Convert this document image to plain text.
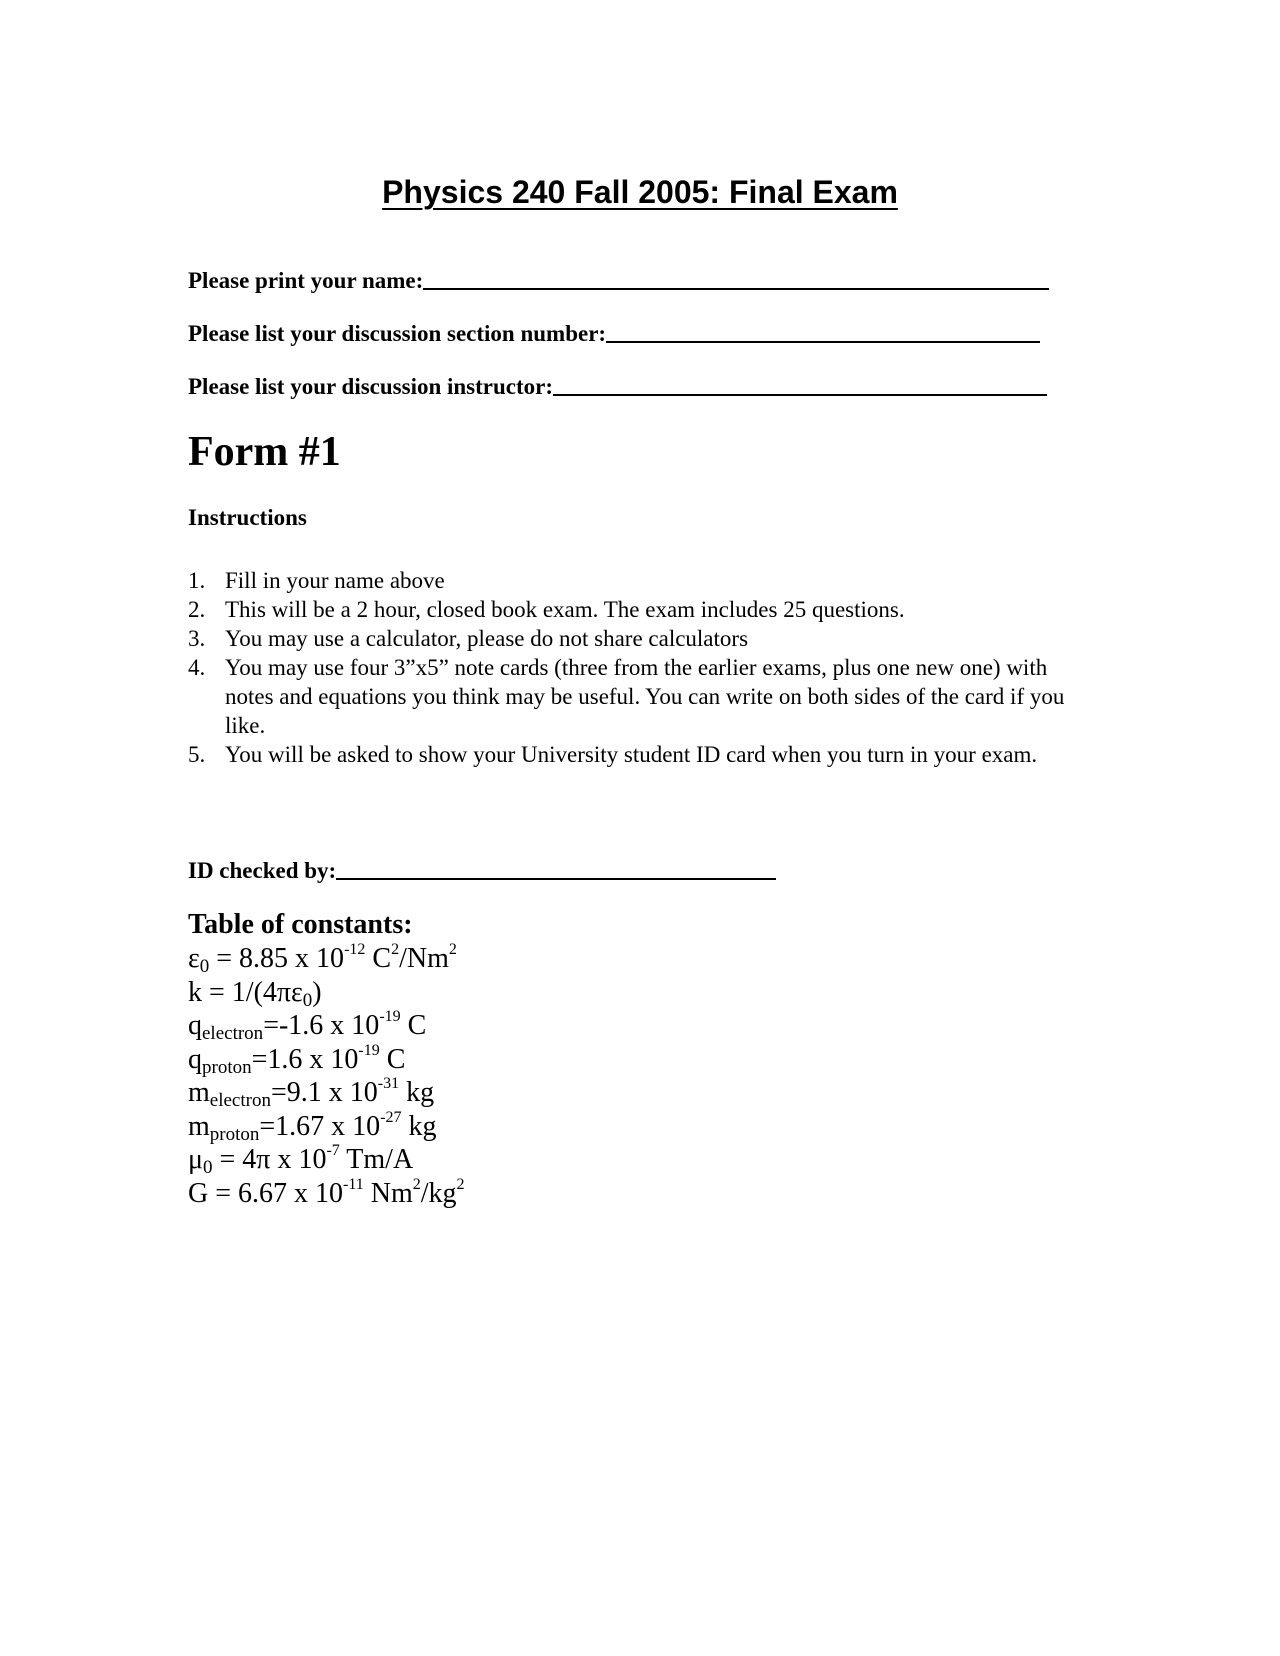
Physics 240 Fall 2005: Final Exam
Please print your name:
Please list your discussion section number:
Please list your discussion instructor:
Form #1
Instructions
1. Fill in your name above
2. This will be a 2 hour, closed book exam. The exam includes 25 questions.
3. You may use a calculator, please do not share calculators
4. You may use four 3”x5” note cards (three from the earlier exams, plus one new one) with notes and equations you think may be useful. You can write on both sides of the card if you like.
5. You will be asked to show your University student ID card when you turn in your exam.
ID checked by:
Table of constants:
$\varepsilon_0 = 8.85$ x $10^{-12}$ $C^2/Nm^2$
$k = 1/(4\pi\varepsilon_0)$
$q_{electron}=-1.6$ x $10^{-19}$ C
$q_{proton}=1.6$ x $10^{-19}$ C
$m_{electron}=9.1$ x $10^{-31}$ kg
$m_{proton}=1.67$ x $10^{-27}$ kg
$\mu_0 = 4\pi$ x $10^{-7}$ Tm/A
G = 6.67 x $10^{-11}$ $Nm^2/kg^2$
